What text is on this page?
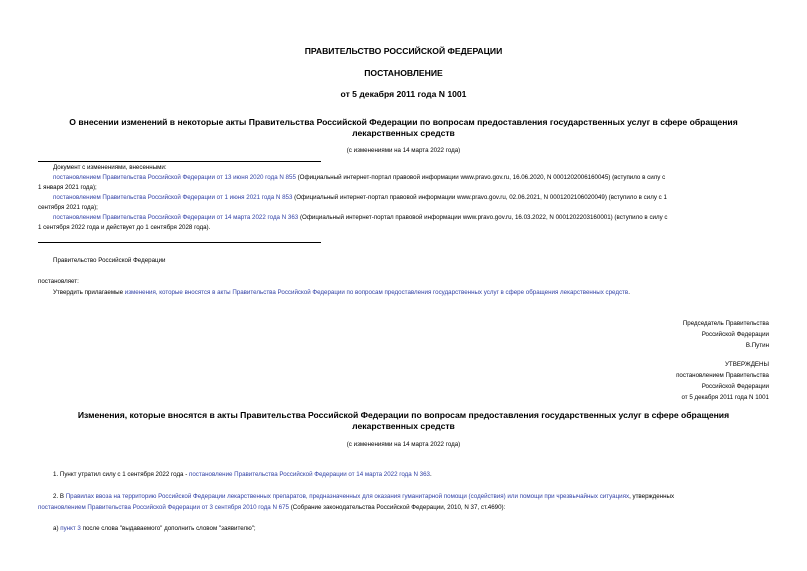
ПРАВИТЕЛЬСТВО РОССИЙСКОЙ ФЕДЕРАЦИИ
ПОСТАНОВЛЕНИЕ
от 5 декабря 2011 года N 1001
О внесении изменений в некоторые акты Правительства Российской Федерации по вопросам предоставления государственных услуг в сфере обращения
лекарственных средств
(с изменениями на 14 марта 2022 года)
Документ с изменениями, внесенными:
постановлением Правительства Российской Федерации от 13 июня 2020 года N 855 (Официальный интернет-портал правовой информации www.pravo.gov.ru, 16.06.2020, N 0001202006160045) (вступило в силу с
1 января 2021 года);
постановлением Правительства Российской Федерации от 1 июня 2021 года N 853 (Официальный интернет-портал правовой информации www.pravo.gov.ru, 02.06.2021, N 0001202106020049) (вступило в силу с 1
сентября 2021 года);
постановлением Правительства Российской Федерации от 14 марта 2022 года N 363 (Официальный интернет-портал правовой информации www.pravo.gov.ru, 16.03.2022, N 0001202203160001) (вступило в силу с
1 сентября 2022 года и действует до 1 сентября 2028 года).
Правительство Российской Федерации
постановляет:
Утвердить прилагаемые изменения, которые вносятся в акты Правительства Российской Федерации по вопросам предоставления государственных услуг в сфере обращения лекарственных средств.
Председатель Правительства
Российской Федерации
В.Путин
УТВЕРЖДЕНЫ
постановлением Правительства
Российской Федерации
от 5 декабря 2011 года N 1001
Изменения, которые вносятся в акты Правительства Российской Федерации по вопросам предоставления государственных услуг в сфере обращения
лекарственных средств
(с изменениями на 14 марта 2022 года)
1. Пункт утратил силу с 1 сентября 2022 года - постановление Правительства Российской Федерации от 14 марта 2022 года N 363.
2. В Правилах ввоза на территорию Российской Федерации лекарственных препаратов, предназначенных для оказания гуманитарной помощи (содействия) или помощи при чрезвычайных ситуациях, утвержденных
постановлением Правительства Российской Федерации от 3 сентября 2010 года N 675 (Собрание законодательства Российской Федерации, 2010, N 37, ст.4690):
а) пункт 3 после слова "выдаваемого" дополнить словом "заявителю";
